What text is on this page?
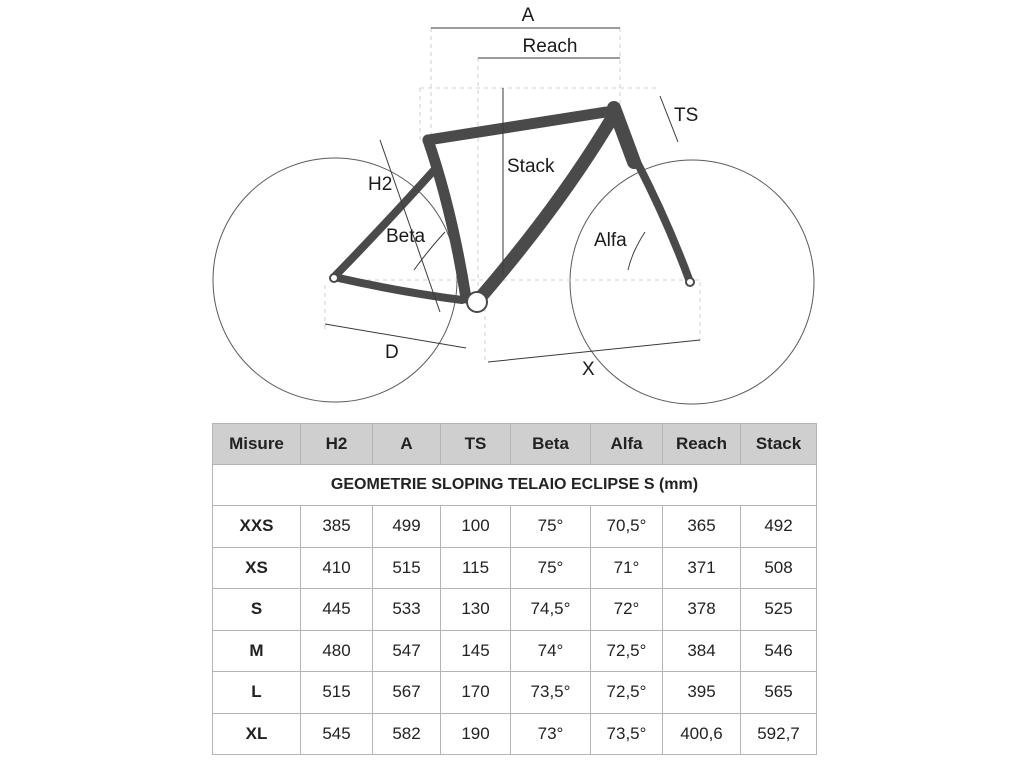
A
Reach
TS
Stack
H2
Beta	Alfa
D
X
Misure	H2	A	TS	Beta	Alfa	Reach	Stack
GEOMETRIE SLOPING TELAIO ECLIPSE S (mm)							
XXS	385	499	100	75°	70,5°	365	492
XS	410	515	115	75°	71°	371	508
S	445	533	130	74,5°	72°	378	525
M	480	547	145	74°	72,5°	384	546
L	515	567	170	73,5°	72,5°	395	565
XL	545	582	190	73°	73,5°	400,6	592,7
